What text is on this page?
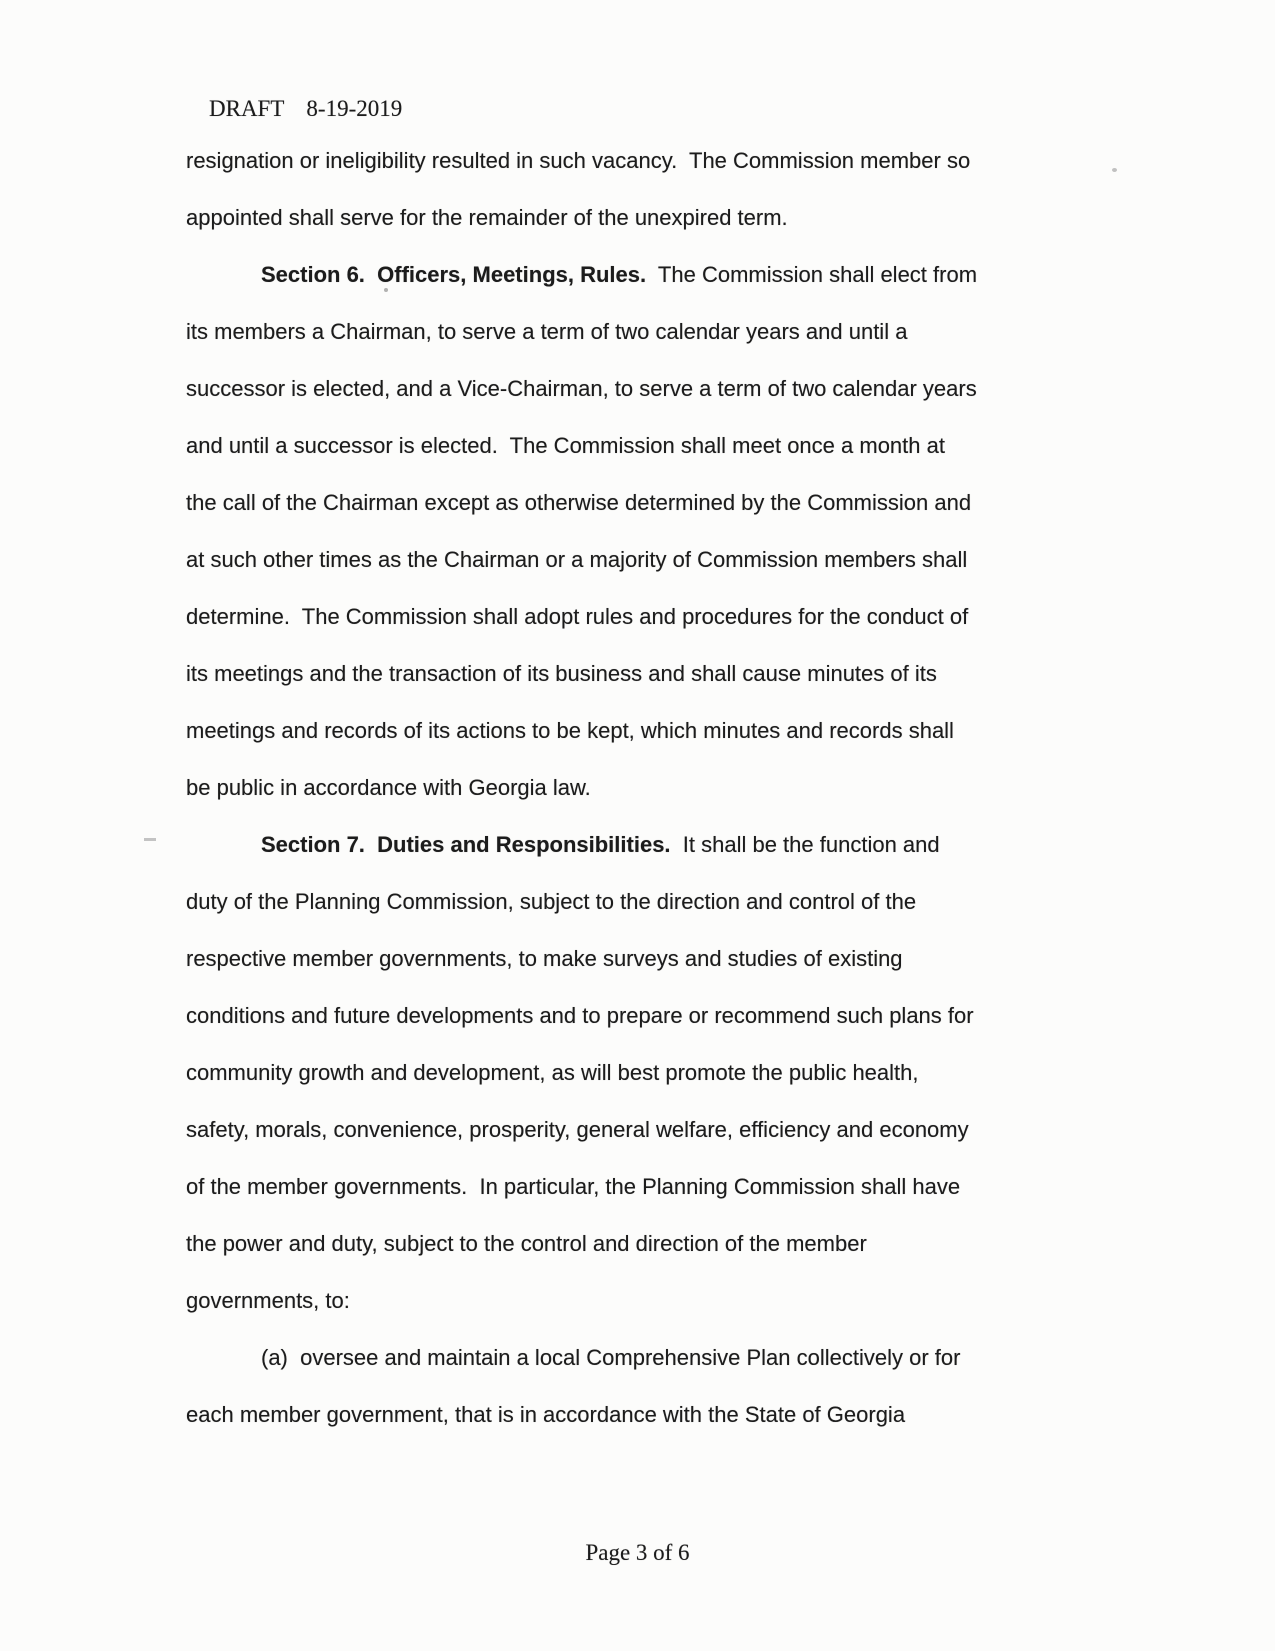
DRAFT 8-19-2019

resignation or ineligibility resulted in such vacancy.  The Commission member so
appointed shall serve for the remainder of the unexpired term.
Section 6.  Officers, Meetings, Rules.  The Commission shall elect from
its members a Chairman, to serve a term of two calendar years and until a
successor is elected, and a Vice-Chairman, to serve a term of two calendar years
and until a successor is elected.  The Commission shall meet once a month at
the call of the Chairman except as otherwise determined by the Commission and
at such other times as the Chairman or a majority of Commission members shall
determine.  The Commission shall adopt rules and procedures for the conduct of
its meetings and the transaction of its business and shall cause minutes of its
meetings and records of its actions to be kept, which minutes and records shall
be public in accordance with Georgia law.
Section 7.  Duties and Responsibilities.  It shall be the function and
duty of the Planning Commission, subject to the direction and control of the
respective member governments, to make surveys and studies of existing
conditions and future developments and to prepare or recommend such plans for
community growth and development, as will best promote the public health,
safety, morals, convenience, prosperity, general welfare, efficiency and economy
of the member governments.  In particular, the Planning Commission shall have
the power and duty, subject to the control and direction of the member
governments, to:
(a)  oversee and maintain a local Comprehensive Plan collectively or for
each member government, that is in accordance with the State of Georgia
Page 3 of 6
